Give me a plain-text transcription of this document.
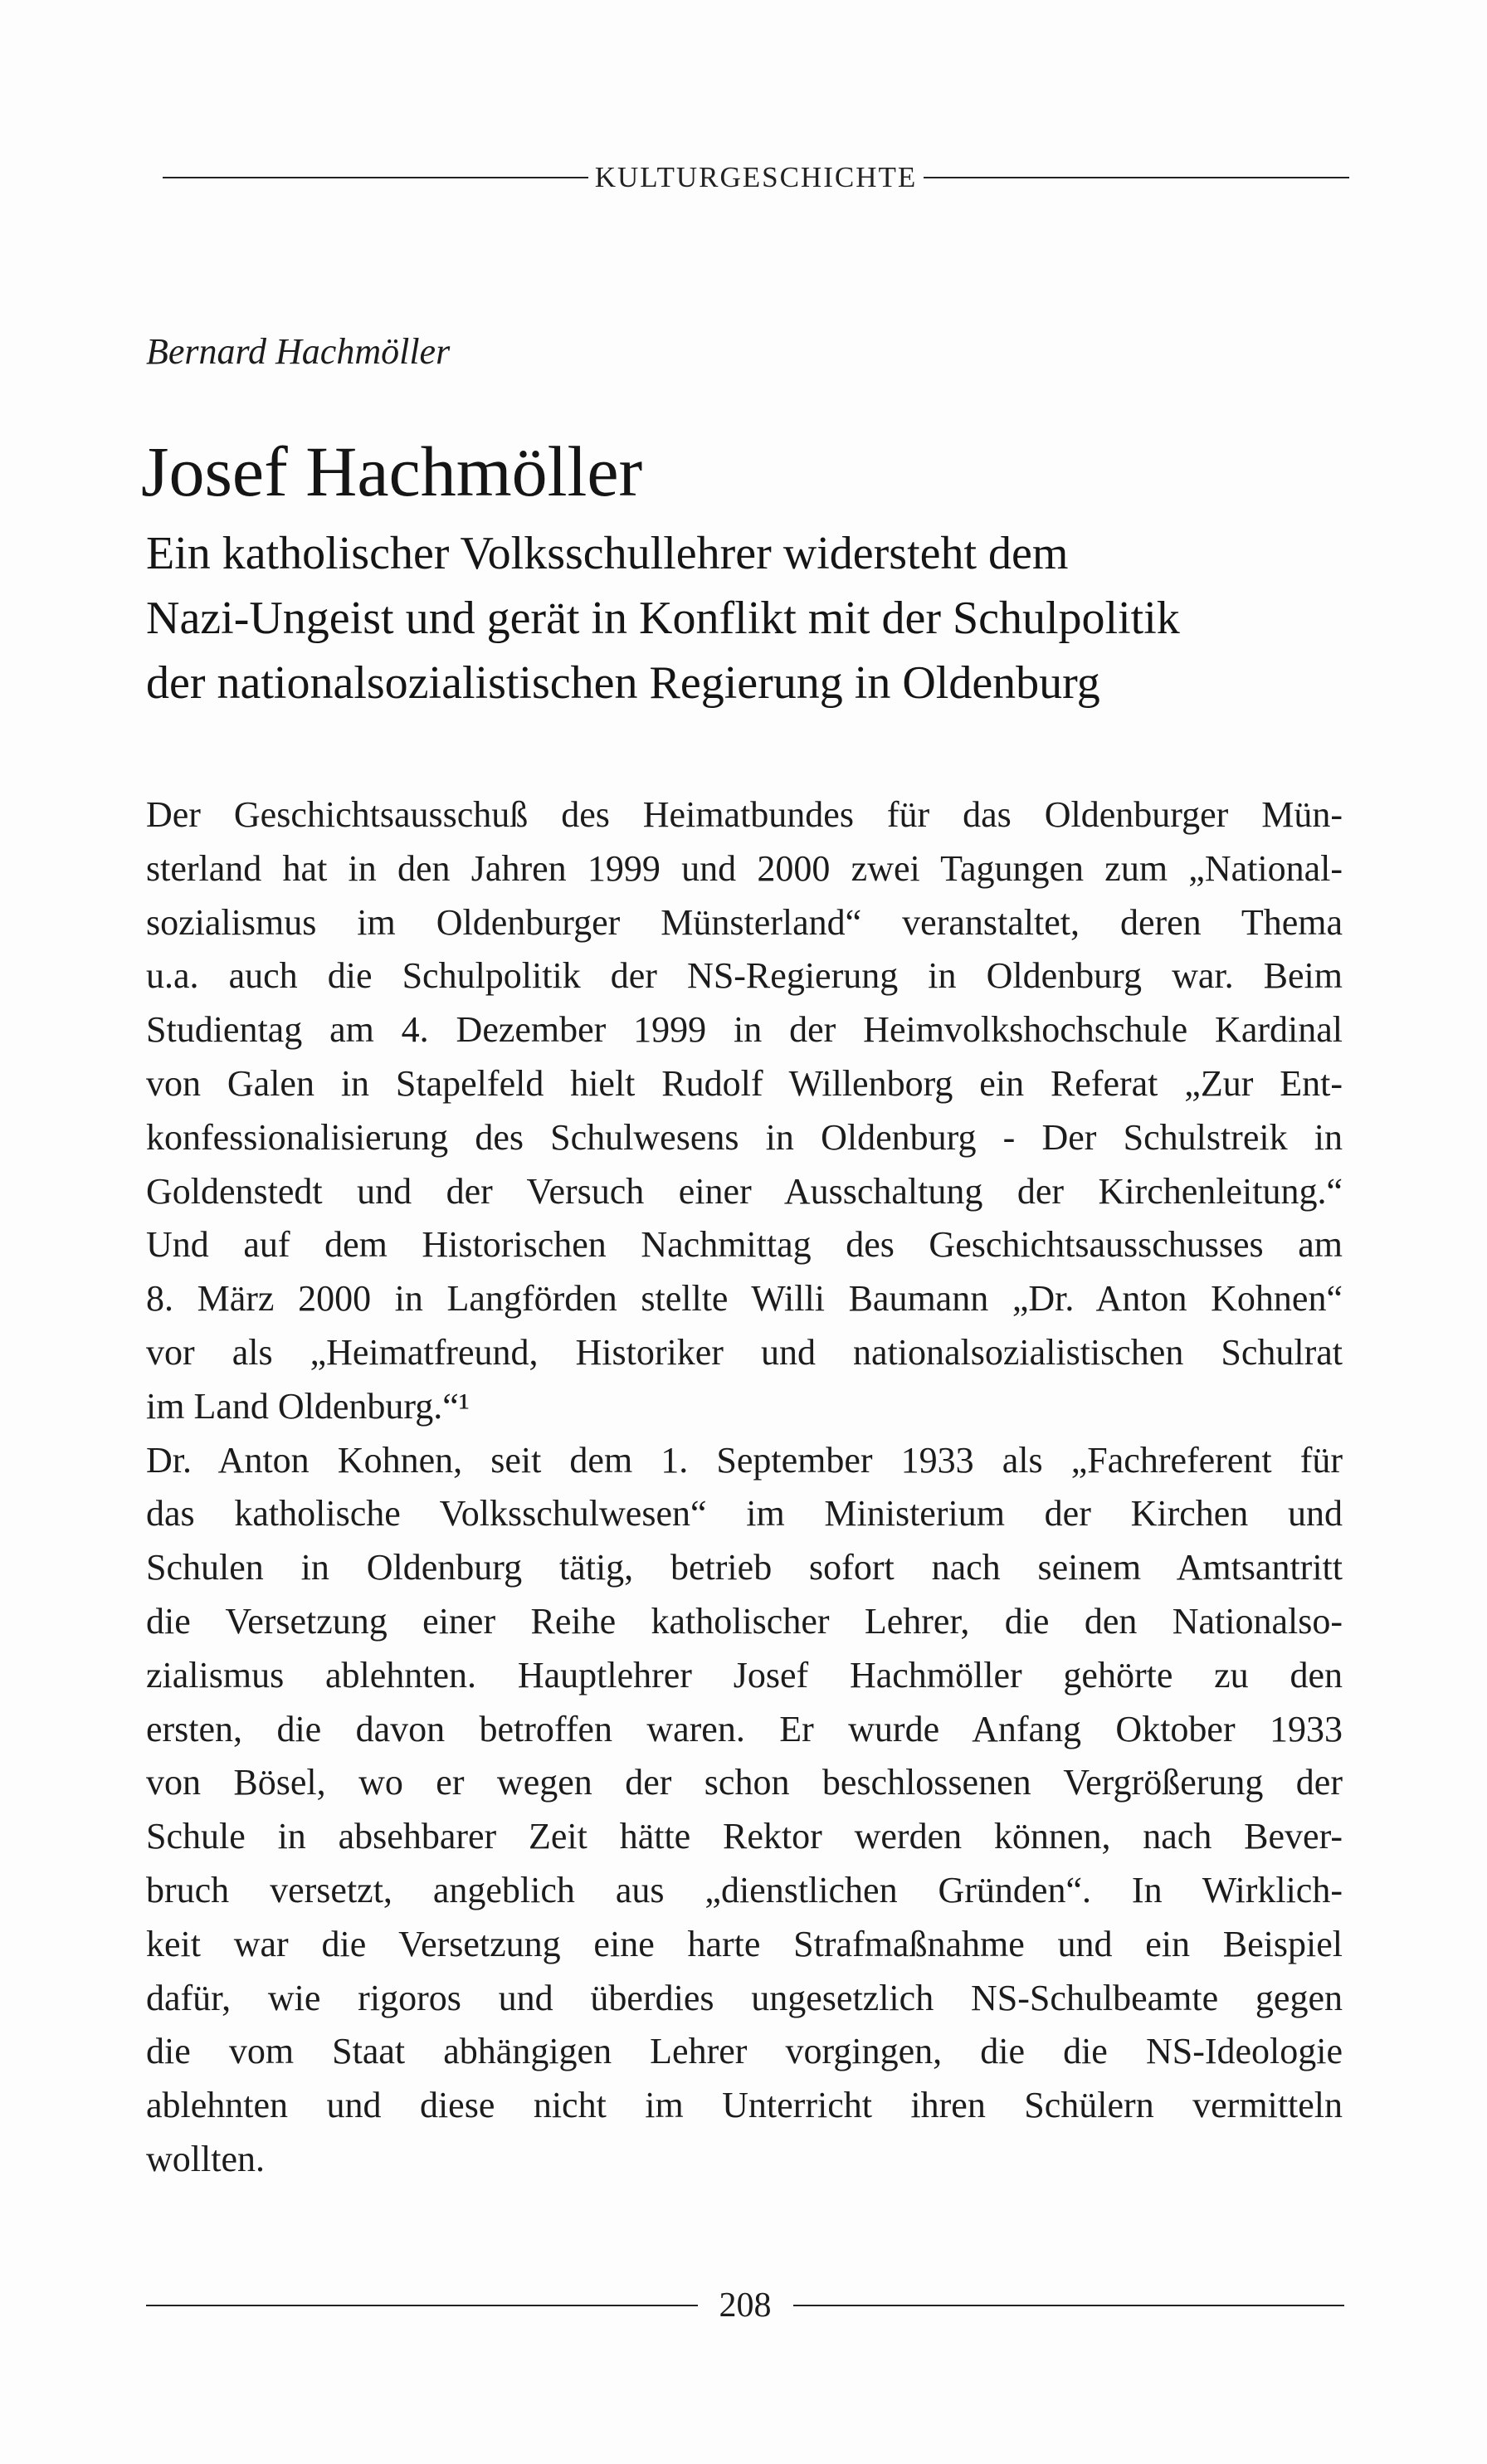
KULTURGESCHICHTE
Bernard Hachmöller
Josef Hachmöller
Ein katholischer Volksschullehrer widersteht dem
Nazi-Ungeist und gerät in Konflikt mit der Schulpolitik
der nationalsozialistischen Regierung in Oldenburg
Der Geschichtsausschuß des Heimatbundes für das Oldenburger Mün-
sterland hat in den Jahren 1999 und 2000 zwei Tagungen zum „National-
sozialismus im Oldenburger Münsterland“ veranstaltet, deren Thema
u.a. auch die Schulpolitik der NS-Regierung in Oldenburg war. Beim
Studientag am 4. Dezember 1999 in der Heimvolkshochschule Kardinal
von Galen in Stapelfeld hielt Rudolf Willenborg ein Referat „Zur Ent-
konfessionalisierung des Schulwesens in Oldenburg - Der Schulstreik in
Goldenstedt und der Versuch einer Ausschaltung der Kirchenleitung.“
Und auf dem Historischen Nachmittag des Geschichtsausschusses am
8. März 2000 in Langförden stellte Willi Baumann „Dr. Anton Kohnen“
vor als „Heimatfreund, Historiker und nationalsozialistischen Schulrat
im Land Oldenburg.“¹
Dr. Anton Kohnen, seit dem 1. September 1933 als „Fachreferent für
das katholische Volksschulwesen“ im Ministerium der Kirchen und
Schulen in Oldenburg tätig, betrieb sofort nach seinem Amtsantritt
die Versetzung einer Reihe katholischer Lehrer, die den Nationalso-
zialismus ablehnten. Hauptlehrer Josef Hachmöller gehörte zu den
ersten, die davon betroffen waren. Er wurde Anfang Oktober 1933
von Bösel, wo er wegen der schon beschlossenen Vergrößerung der
Schule in absehbarer Zeit hätte Rektor werden können, nach Bever-
bruch versetzt, angeblich aus „dienstlichen Gründen“. In Wirklich-
keit war die Versetzung eine harte Strafmaßnahme und ein Beispiel
dafür, wie rigoros und überdies ungesetzlich NS-Schulbeamte gegen
die vom Staat abhängigen Lehrer vorgingen, die die NS-Ideologie
ablehnten und diese nicht im Unterricht ihren Schülern vermitteln
wollten.
208
